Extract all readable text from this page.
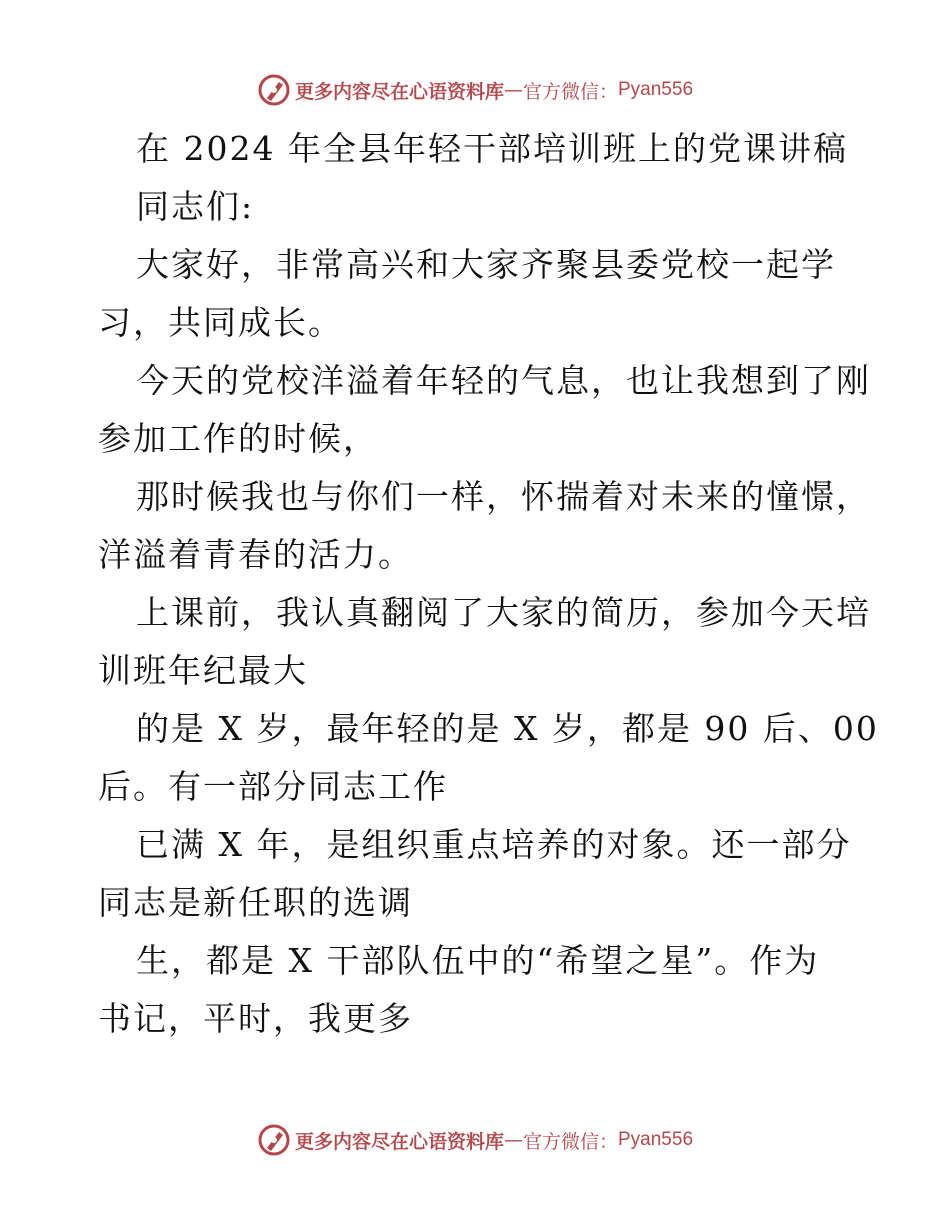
更多内容尽在心语资料库 — 官方微信： Pyan556
在 2024 年全县年轻干部培训班上的党课讲稿
同志们:
大家好，非常高兴和大家齐聚县委党校一起学
习，共同成长。
今天的党校洋溢着年轻的气息，也让我想到了刚
参加工作的时候，
那时候我也与你们一样，怀揣着对未来的憧憬，
洋溢着青春的活力。
上课前，我认真翻阅了大家的简历，参加今天培
训班年纪最大
的是 X 岁，最年轻的是 X 岁，都是 90 后、00
后。有一部分同志工作
已满 X 年，是组织重点培养的对象。还一部分
同志是新任职的选调
生，都是 X 干部队伍中的“希望之星”。作为
书记，平时，我更多
更多内容尽在心语资料库 — 官方微信： Pyan556
